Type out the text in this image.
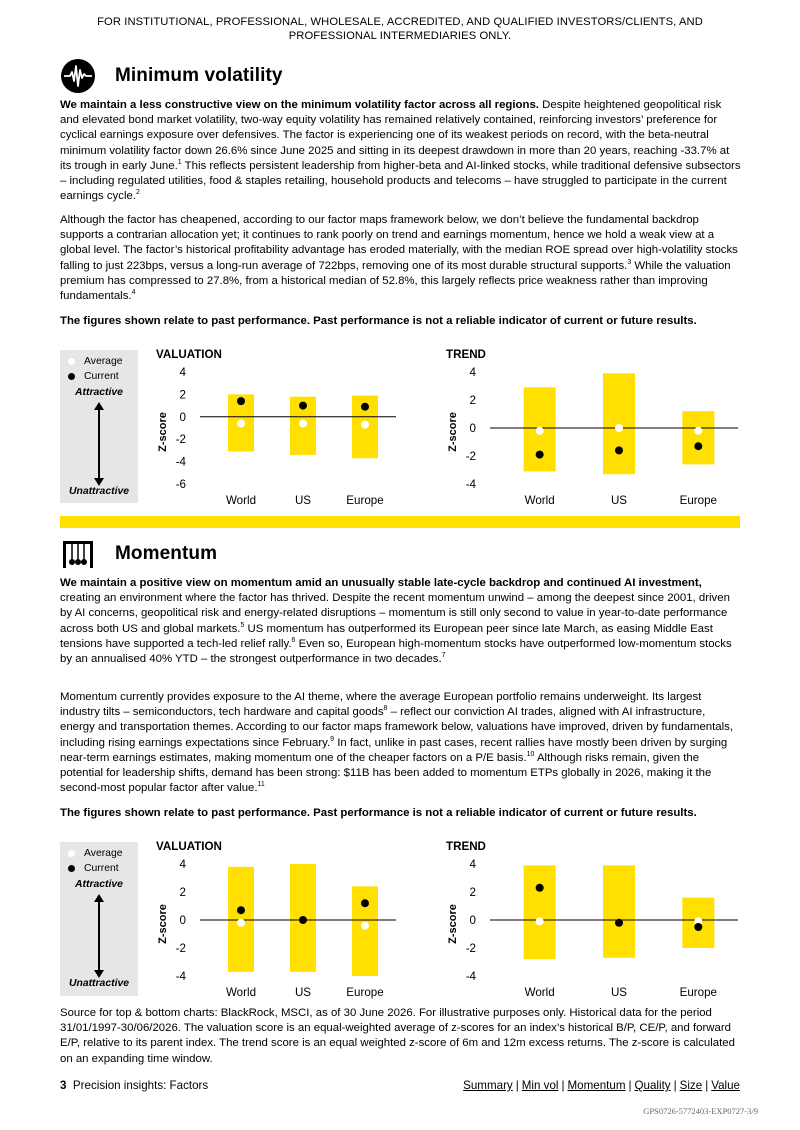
FOR INSTITUTIONAL, PROFESSIONAL, WHOLESALE, ACCREDITED, AND QUALIFIED INVESTORS/CLIENTS, AND PROFESSIONAL INTERMEDIARIES ONLY.
Minimum volatility
We maintain a less constructive view on the minimum volatility factor across all regions. Despite heightened geopolitical risk and elevated bond market volatility, two-way equity volatility has remained relatively contained, reinforcing investors’ preference for cyclical earnings exposure over defensives. The factor is experiencing one of its weakest periods on record, with the beta-neutral minimum volatility factor down 26.6% since June 2025 and sitting in its deepest drawdown in more than 20 years, reaching -33.7% at its trough in early June.$^1$ This reflects persistent leadership from higher-beta and AI-linked stocks, while traditional defensive subsectors – including regulated utilities, food & staples retailing, household products and telecoms – have struggled to participate in the current earnings cycle.$^2$
Although the factor has cheapened, according to our factor maps framework below, we don’t believe the fundamental backdrop supports a contrarian allocation yet; it continues to rank poorly on trend and earnings momentum, hence we hold a weak view at a global level. The factor’s historical profitability advantage has eroded materially, with the median ROE spread over high-volatility stocks falling to just 223bps, versus a long-run average of 722bps, removing one of its most durable structural supports.$^3$ While the valuation premium has compressed to 27.8%, from a historical median of 52.8%, this largely reflects price weakness rather than improving fundamentals.$^4$
The figures shown relate to past performance. Past performance is not a reliable indicator of current or future results.
Average
Current
Attractive
Unattractive
VALUATION
Z-score
4
2
0
-2
-4
-6
World	US	Europe
TREND
Z-score
4
2
0
-2
-4
World	US	Europe
Momentum
We maintain a positive view on momentum amid an unusually stable late-cycle backdrop and continued AI investment, creating an environment where the factor has thrived. Despite the recent momentum unwind – among the deepest since 2001, driven by AI concerns, geopolitical risk and energy-related disruptions – momentum is still only second to value in year-to-date performance across both US and global markets.$^5$ US momentum has outperformed its European peer since late March, as easing Middle East tensions have supported a tech-led relief rally.$^6$ Even so, European high-momentum stocks have outperformed low-momentum stocks by an annualised 40% YTD – the strongest outperformance in two decades.$^7$
Momentum currently provides exposure to the AI theme, where the average European portfolio remains underweight. Its largest industry tilts – semiconductors, tech hardware and capital goods$^8$ – reflect our conviction AI trades, aligned with AI infrastructure, energy and transportation themes. According to our factor maps framework below, valuations have improved, driven by fundamentals, including rising earnings expectations since February.$^9$ In fact, unlike in past cases, recent rallies have mostly been driven by surging near-term earnings estimates, making momentum one of the cheaper factors on a P/E basis.$^{10}$ Although risks remain, given the potential for leadership shifts, demand has been strong: $11B has been added to momentum ETPs globally in 2026, making it the second-most popular factor after value.$^{11}$
The figures shown relate to past performance. Past performance is not a reliable indicator of current or future results.
Average
Current
Attractive
Unattractive
VALUATION
Z-score
4
2
0
-2
-4
World	US	Europe
TREND
Z-score
4
2
0
-2
-4
World	US	Europe
Source for top & bottom charts: BlackRock, MSCI, as of 30 June 2026. For illustrative purposes only. Historical data for the period 31/01/1997-30/06/2026. The valuation score is an equal-weighted average of z-scores for an index’s historical B/P, CE/P, and forward E/P, relative to its parent index. The trend score is an equal weighted z-score of 6m and 12m excess returns. The z-score is calculated on an expanding time window.
3 Precision insights: Factors	Summary | Min vol | Momentum | Quality | Size | Value
GPS0726-5772403-EXP0727-3/9
